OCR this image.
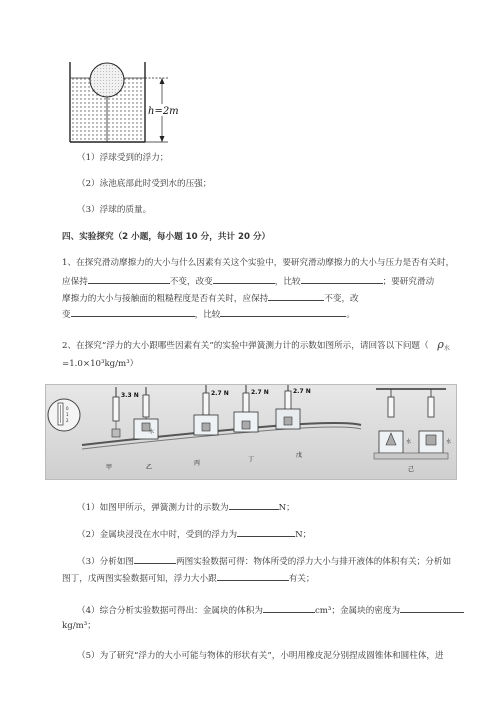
h=2m
（1）浮球受到的浮力；
（2）泳池底部此时受到水的压强；
（3）浮球的质量。
四、实验探究（2 小题，每小题 10 分，共计 20 分）
1、在探究滑动摩擦力的大小与什么因素有关这个实验中，要研究滑动摩擦力的大小与压力是否有关时，
应保持	不变，改变	，比较	；要研究滑动
摩擦力的大小与接触面的粗糙程度是否有关时，应保持	不变，改
变	，比较	。
2、在探究“浮力的大小跟哪些因素有关”的实验中弹簧测力计的示数如图所示，请回答以下问题（ $\rho_水$
=1.0×10³kg/m³）
0
1
2
3.3 N	2.7 N	2.7 N	2.7 N
水
水	水
甲	乙
丙
丁
戊
己
（1）如图甲所示，弹簧测力计的示数为	N；
（2）金属块浸没在水中时，受到的浮力为	N；
（3）分析如图	两图实验数据可得：物体所受的浮力大小与排开液体的体积有关；分析如
图丁，戊两图实验数据可知，浮力大小跟	有关；
（4）综合分析实验数据可得出：金属块的体积为	cm³；金属块的密度为
kg/m³；
（5）为了研究“浮力的大小可能与物体的形状有关”，小明用橡皮泥分别捏成圆锥体和圆柱体，进
